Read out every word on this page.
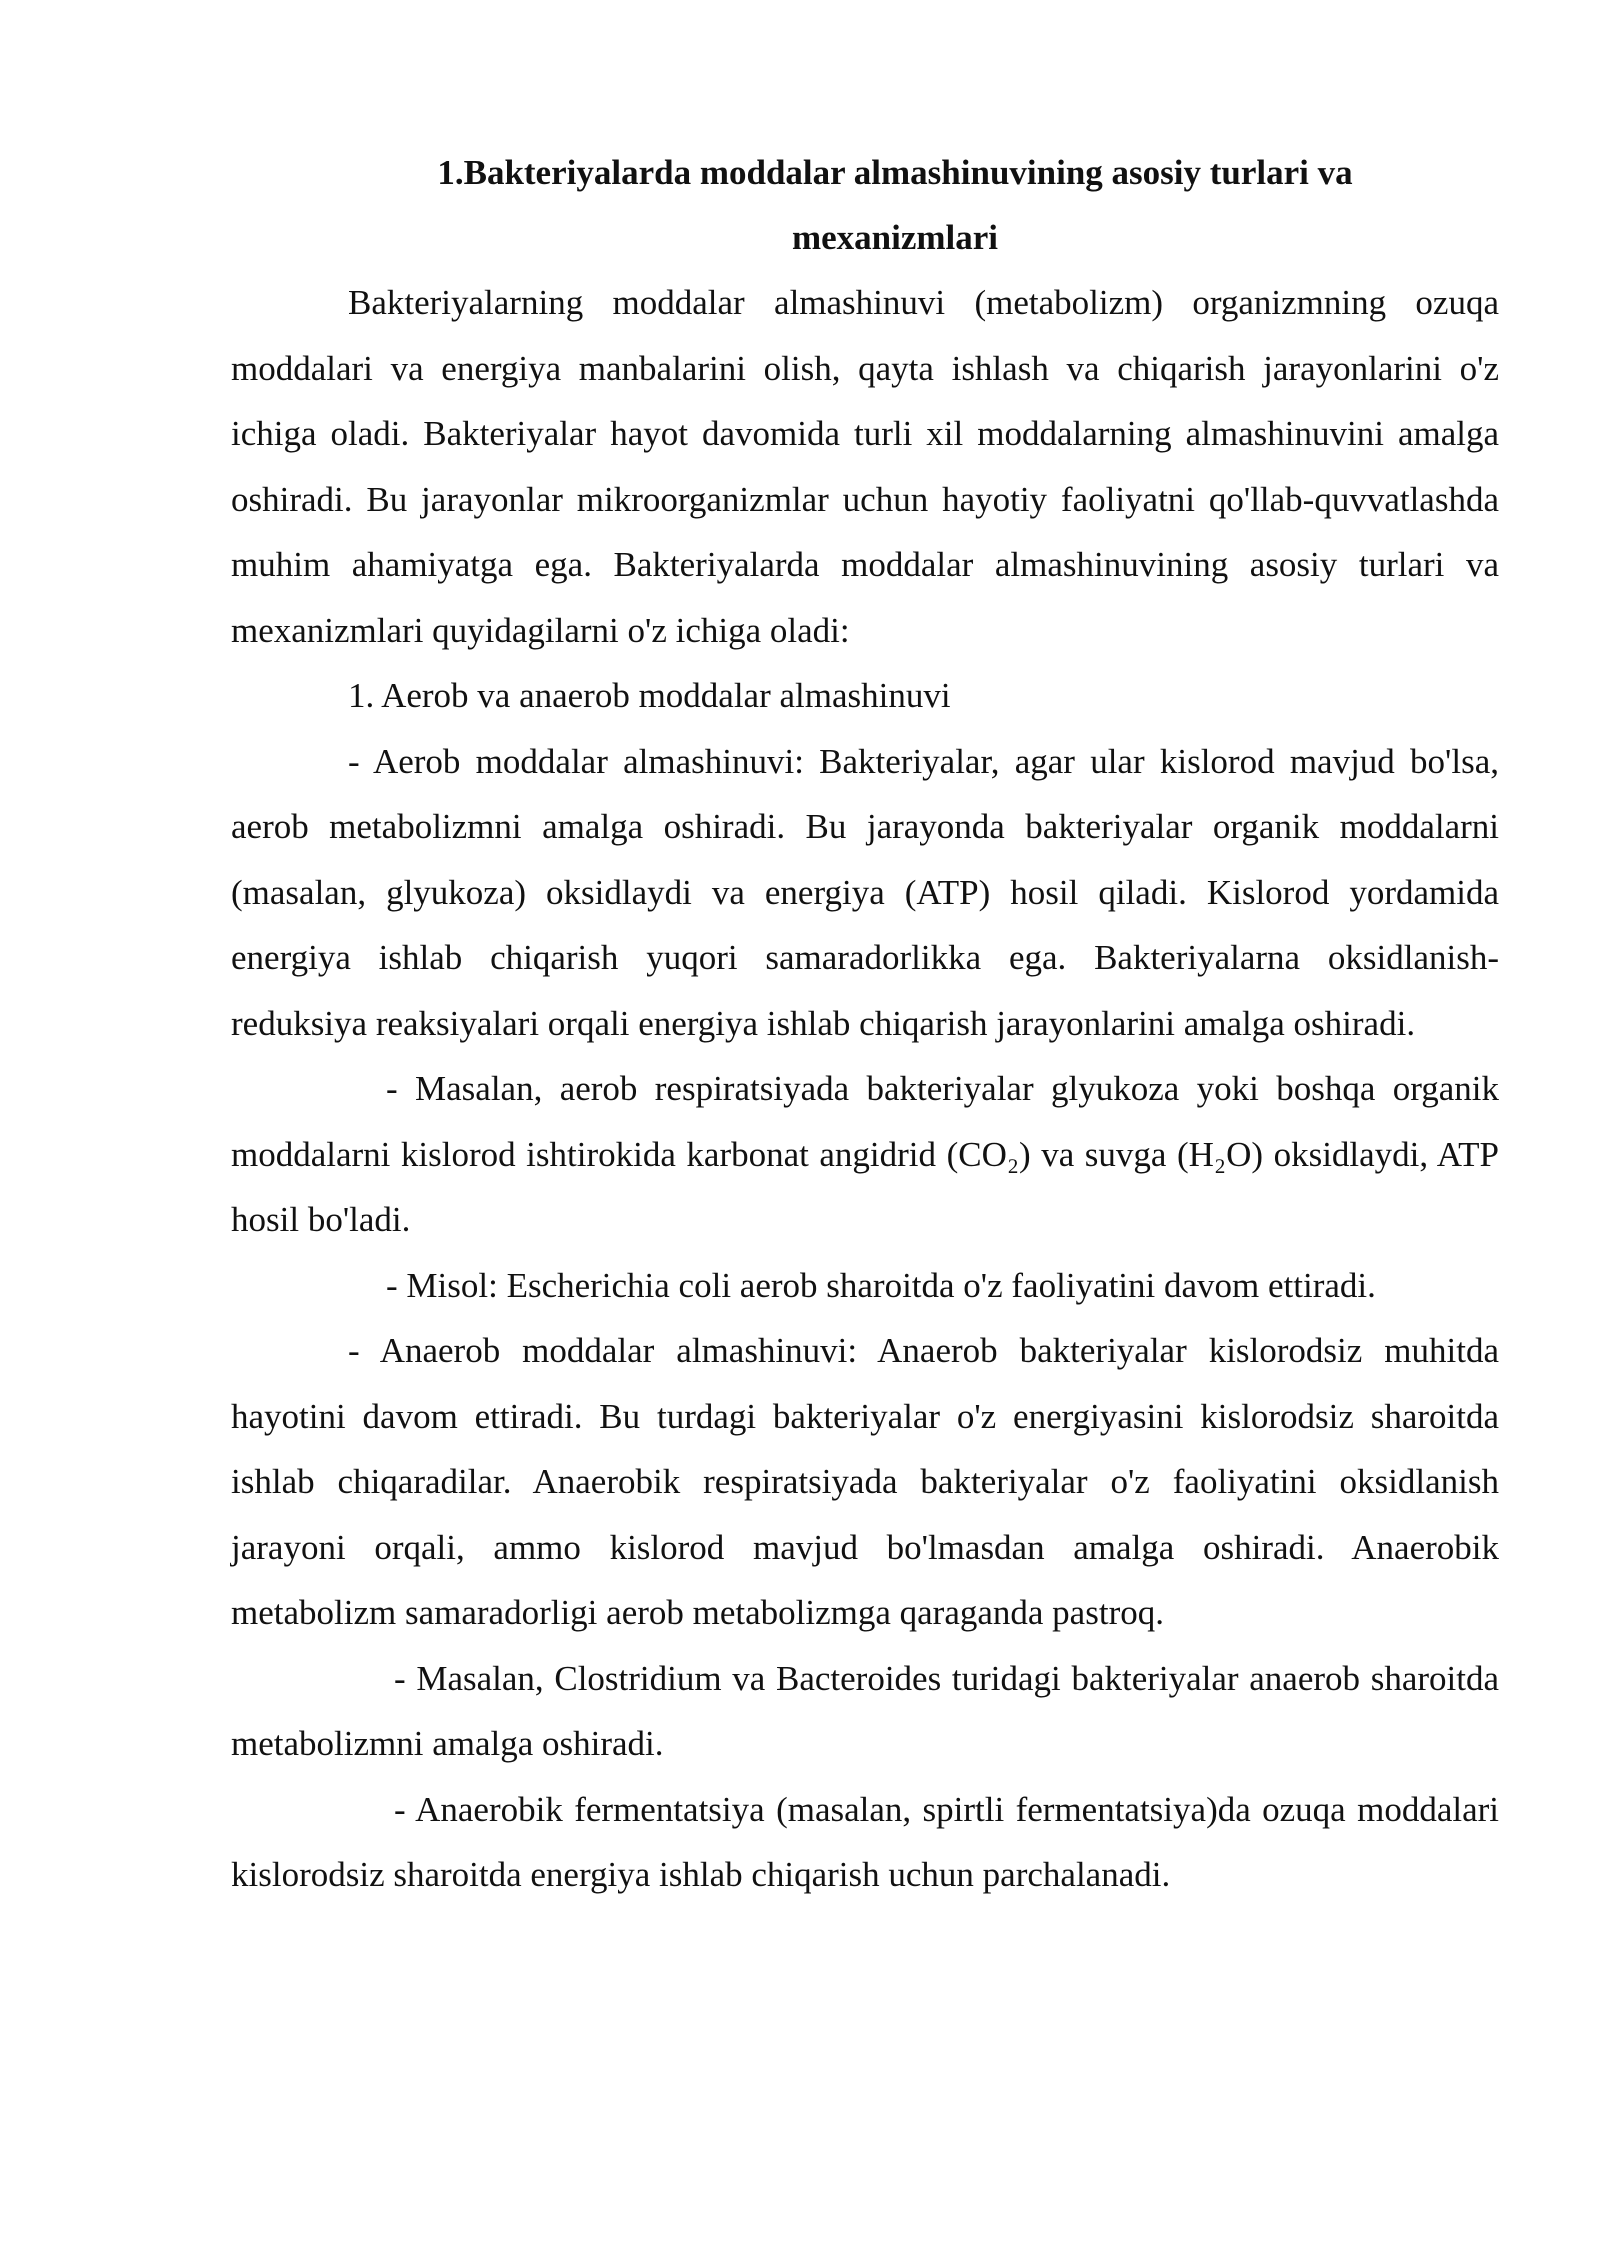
1.Bakteriyalarda moddalar almashinuvining asosiy turlari va

mexanizmlari

Bakteriyalarning moddalar almashinuvi (metabolizm) organizmning ozuqa moddalari va energiya manbalarini olish, qayta ishlash va chiqarish jarayonlarini o'z ichiga oladi. Bakteriyalar hayot davomida turli xil moddalarning almashinuvini amalga oshiradi. Bu jarayonlar mikroorganizmlar uchun hayotiy faoliyatni qo'llab-quvvatlashda muhim ahamiyatga ega. Bakteriyalarda moddalar almashinuvining asosiy turlari va mexanizmlari quyidagilarni o'z ichiga oladi:

1. Aerob va anaerob moddalar almashinuvi

- Aerob moddalar almashinuvi: Bakteriyalar, agar ular kislorod mavjud bo'lsa, aerob metabolizmni amalga oshiradi. Bu jarayonda bakteriyalar organik moddalarni (masalan, glyukoza) oksidlaydi va energiya (ATP) hosil qiladi. Kislorod yordamida energiya ishlab chiqarish yuqori samaradorlikka ega. Bakteriyalarna oksidlanish-reduksiya reaksiyalari orqali energiya ishlab chiqarish jarayonlarini amalga oshiradi.

- Masalan, aerob respiratsiyada bakteriyalar glyukoza yoki boshqa organik moddalarni kislorod ishtirokida karbonat angidrid (CO₂) va suvga (H₂O) oksidlaydi, ATP hosil bo'ladi.

- Misol: Escherichia coli aerob sharoitda o'z faoliyatini davom ettiradi.

- Anaerob moddalar almashinuvi: Anaerob bakteriyalar kislorodsiz muhitda hayotini davom ettiradi. Bu turdagi bakteriyalar o'z energiyasini kislorodsiz sharoitda ishlab chiqaradilar. Anaerobik respiratsiyada bakteriyalar o'z faoliyatini oksidlanish jarayoni orqali, ammo kislorod mavjud bo'lmasdan amalga oshiradi. Anaerobik metabolizm samaradorligi aerob metabolizmga qaraganda pastroq.

- Masalan, Clostridium va Bacteroides turidagi bakteriyalar anaerob sharoitda metabolizmni amalga oshiradi.

- Anaerobik fermentatsiya (masalan, spirtli fermentatsiya)da ozuqa moddalari kislorodsiz sharoitda energiya ishlab chiqarish uchun parchalanadi.
